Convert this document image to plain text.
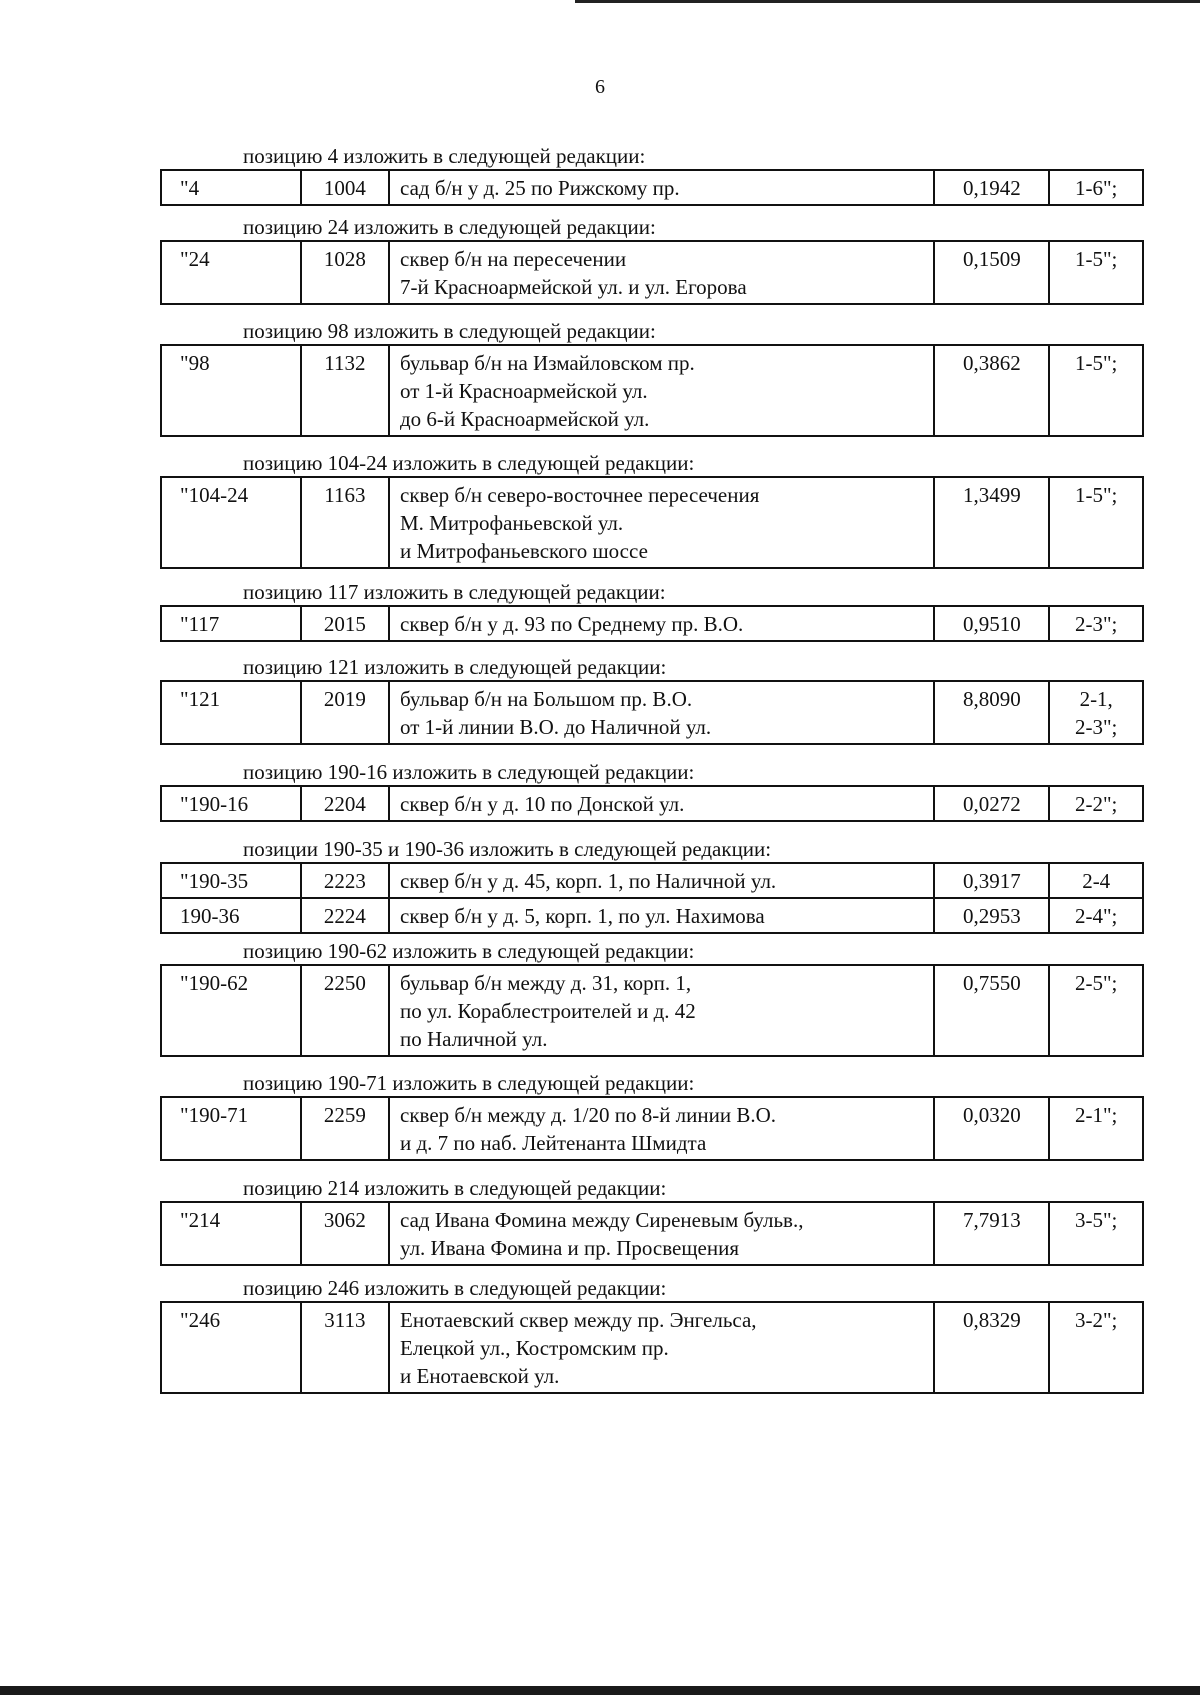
6
позицию 4 изложить в следующей редакции:
"4	1004	сад б/н у д. 25 по Рижскому пр.	0,1942	1-6";
позицию 24 изложить в следующей редакции:
"24	1028	сквер б/н на пересечении
7-й Красноармейской ул. и ул. Егорова
	0,1509	1-5";
позицию 98 изложить в следующей редакции:
"98	1132	бульвар б/н на Измайловском пр.
от 1-й Красноармейской ул.
до 6-й Красноармейской ул.
	0,3862	1-5";
позицию 104-24 изложить в следующей редакции:
"104-24	1163	сквер б/н северо-восточнее пересечения
М. Митрофаньевской ул.
и Митрофаньевского шоссе
	1,3499	1-5";
позицию 117 изложить в следующей редакции:
"117	2015	сквер б/н у д. 93 по Среднему пр. В.О.	0,9510	2-3";
позицию 121 изложить в следующей редакции:
"121	2019	бульвар б/н на Большом пр. В.О.
от 1-й линии В.О. до Наличной ул.
	8,8090	2-1,
2-3";
позицию 190-16 изложить в следующей редакции:
"190-16	2204	сквер б/н у д. 10 по Донской ул.	0,0272	2-2";
позиции 190-35 и 190-36 изложить в следующей редакции:
"190-35	2223	сквер б/н у д. 45, корп. 1, по Наличной ул.	0,3917	2-4

190-36	2224	сквер б/н у д. 5, корп. 1, по ул. Нахимова	0,2953	2-4";
позицию 190-62 изложить в следующей редакции:
"190-62	2250	бульвар б/н между д. 31, корп. 1,
по ул. Кораблестроителей и д. 42
по Наличной ул.
	0,7550	2-5";
позицию 190-71 изложить в следующей редакции:
"190-71	2259	сквер б/н между д. 1/20 по 8-й линии В.О.
и д. 7 по наб. Лейтенанта Шмидта
	0,0320	2-1";
позицию 214 изложить в следующей редакции:
"214	3062	сад Ивана Фомина между Сиреневым бульв.,
ул. Ивана Фомина и пр. Просвещения
	7,7913	3-5";
позицию 246 изложить в следующей редакции:
"246	3113	Енотаевский сквер между пр. Энгельса,
Елецкой ул., Костромским пр.
и Енотаевской ул.
	0,8329	3-2";
